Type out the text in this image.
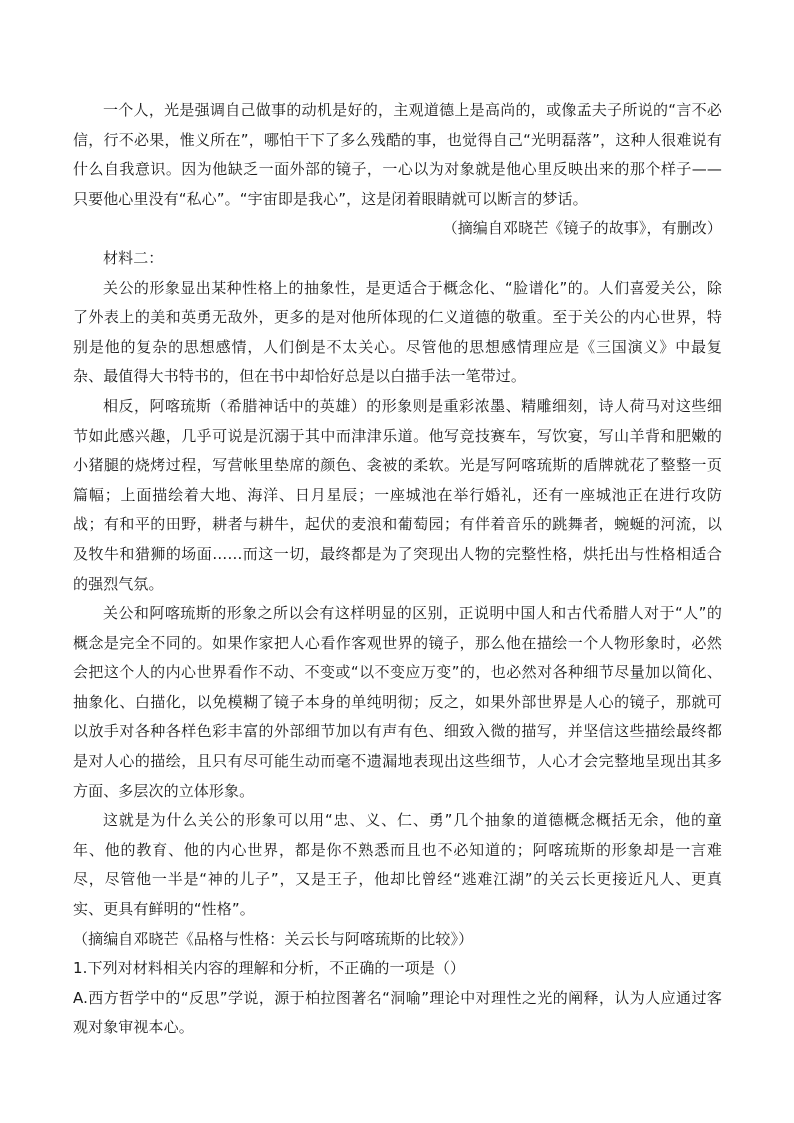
一个人，光是强调自己做事的动机是好的，主观道德上是高尚的，或像孟夫子所说的“言不必信，行不必果，惟义所在”，哪怕干下了多么残酷的事，也觉得自己“光明磊落”，这种人很难说有什么自我意识。因为他缺乏一面外部的镜子，一心以为对象就是他心里反映出来的那个样子——只要他心里没有“私心”。“宇宙即是我心”，这是闭着眼睛就可以断言的梦话。

（摘编自邓晓芒《镜子的故事》，有删改）

材料二：

关公的形象显出某种性格上的抽象性，是更适合于概念化、“脸谱化”的。人们喜爱关公，除了外表上的美和英勇无敌外，更多的是对他所体现的仁义道德的敬重。至于关公的内心世界，特别是他的复杂的思想感情，人们倒是不太关心。尽管他的思想感情理应是《三国演义》中最复杂、最值得大书特书的，但在书中却恰好总是以白描手法一笔带过。

相反，阿喀琉斯（希腊神话中的英雄）的形象则是重彩浓墨、精雕细刻，诗人荷马对这些细节如此感兴趣，几乎可说是沉溺于其中而津津乐道。他写竞技赛车，写饮宴，写山羊背和肥嫩的小猪腿的烧烤过程，写营帐里垫席的颜色、衾被的柔软。光是写阿喀琉斯的盾牌就花了整整一页篇幅；上面描绘着大地、海洋、日月星辰；一座城池在举行婚礼，还有一座城池正在进行攻防战；有和平的田野，耕者与耕牛，起伏的麦浪和葡萄园；有伴着音乐的跳舞者，蜿蜒的河流，以及牧牛和猎狮的场面……而这一切，最终都是为了突现出人物的完整性格，烘托出与性格相适合的强烈气氛。

关公和阿喀琉斯的形象之所以会有这样明显的区别，正说明中国人和古代希腊人对于“人”的概念是完全不同的。如果作家把人心看作客观世界的镜子，那么他在描绘一个人物形象时，必然会把这个人的内心世界看作不动、不变或“以不变应万变”的，也必然对各种细节尽量加以简化、抽象化、白描化，以免模糊了镜子本身的单纯明彻；反之，如果外部世界是人心的镜子，那就可以放手对各种各样色彩丰富的外部细节加以有声有色、细致入微的描写，并坚信这些描绘最终都是对人心的描绘，且只有尽可能生动而毫不遗漏地表现出这些细节，人心才会完整地呈现出其多方面、多层次的立体形象。

这就是为什么关公的形象可以用“忠、义、仁、勇”几个抽象的道德概念概括无余，他的童年、他的教育、他的内心世界，都是你不熟悉而且也不必知道的；阿喀琉斯的形象却是一言难尽，尽管他一半是“神的儿子”，又是王子，他却比曾经“逃难江湖”的关云长更接近凡人、更真实、更具有鲜明的“性格”。

（摘编自邓晓芒《品格与性格：关云长与阿喀琉斯的比较》）

1.下列对材料相关内容的理解和分析，不正确的一项是（）

A.西方哲学中的“反思”学说，源于柏拉图著名“洞喻”理论中对理性之光的阐释，认为人应通过客观对象审视本心。
